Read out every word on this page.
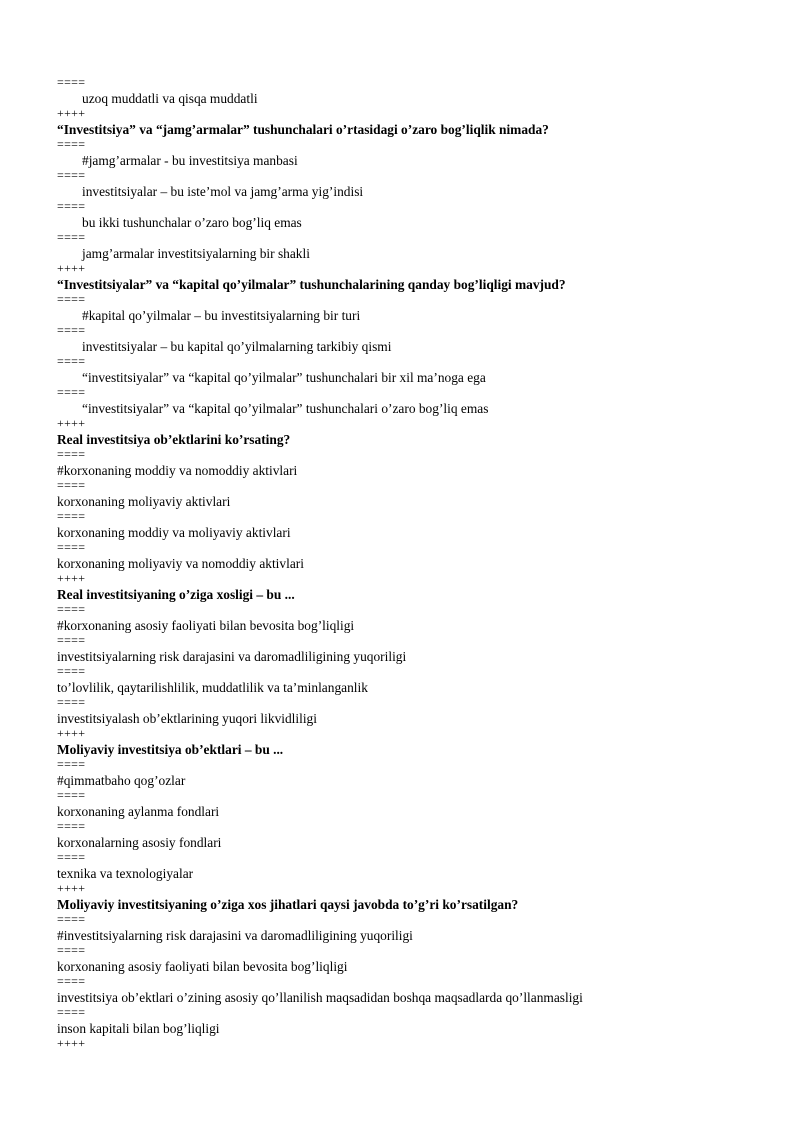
====
uzoq muddatli va qisqa muddatli
++++
“Investitsiya” va “jamg’armalar” tushunchalari o’rtasidagi o’zaro bog’liqlik nimada?
====
#jamg’armalar - bu investitsiya manbasi
====
investitsiyalar – bu iste’mol va jamg’arma yig’indisi
====
bu ikki tushunchalar o’zaro bog’liq emas
====
jamg’armalar investitsiyalarning bir shakli
++++
“Investitsiyalar” va “kapital qo’yilmalar” tushunchalarining qanday bog’liqligi mavjud?
====
#kapital qo’yilmalar – bu investitsiyalarning bir turi
====
investitsiyalar – bu kapital qo’yilmalarning tarkibiy qismi
====
“investitsiyalar” va “kapital qo’yilmalar” tushunchalari bir xil ma’noga ega
====
“investitsiyalar” va “kapital qo’yilmalar” tushunchalari o’zaro bog’liq emas
++++
Real investitsiya ob’ektlarini ko’rsating?
====
#korxonaning moddiy va nomoddiy aktivlari
====
korxonaning moliyaviy aktivlari
====
korxonaning moddiy va moliyaviy aktivlari
====
korxonaning moliyaviy va nomoddiy aktivlari
++++
Real investitsiyaning o’ziga xosligi – bu ...
====
#korxonaning asosiy faoliyati bilan bevosita bog’liqligi
====
investitsiyalarning risk darajasini va daromadliligining yuqoriligi
====
to’lovlilik, qaytarilishlilik, muddatlilik va ta’minlanganlik
====
investitsiyalash ob’ektlarining yuqori likvidliligi
++++
Moliyaviy investitsiya ob’ektlari – bu ...
====
#qimmatbaho qog’ozlar
====
korxonaning aylanma fondlari
====
korxonalarning asosiy fondlari
====
texnika va texnologiyalar
++++
Moliyaviy investitsiyaning o’ziga xos jihatlari qaysi javobda to’g’ri ko’rsatilgan?
====
#investitsiyalarning risk darajasini va daromadliligining yuqoriligi
====
korxonaning asosiy faoliyati bilan bevosita bog’liqligi
====
investitsiya ob’ektlari o’zining asosiy qo’llanilish maqsadidan boshqa maqsadlarda qo’llanmasligi
====
inson kapitali bilan bog’liqligi
++++
